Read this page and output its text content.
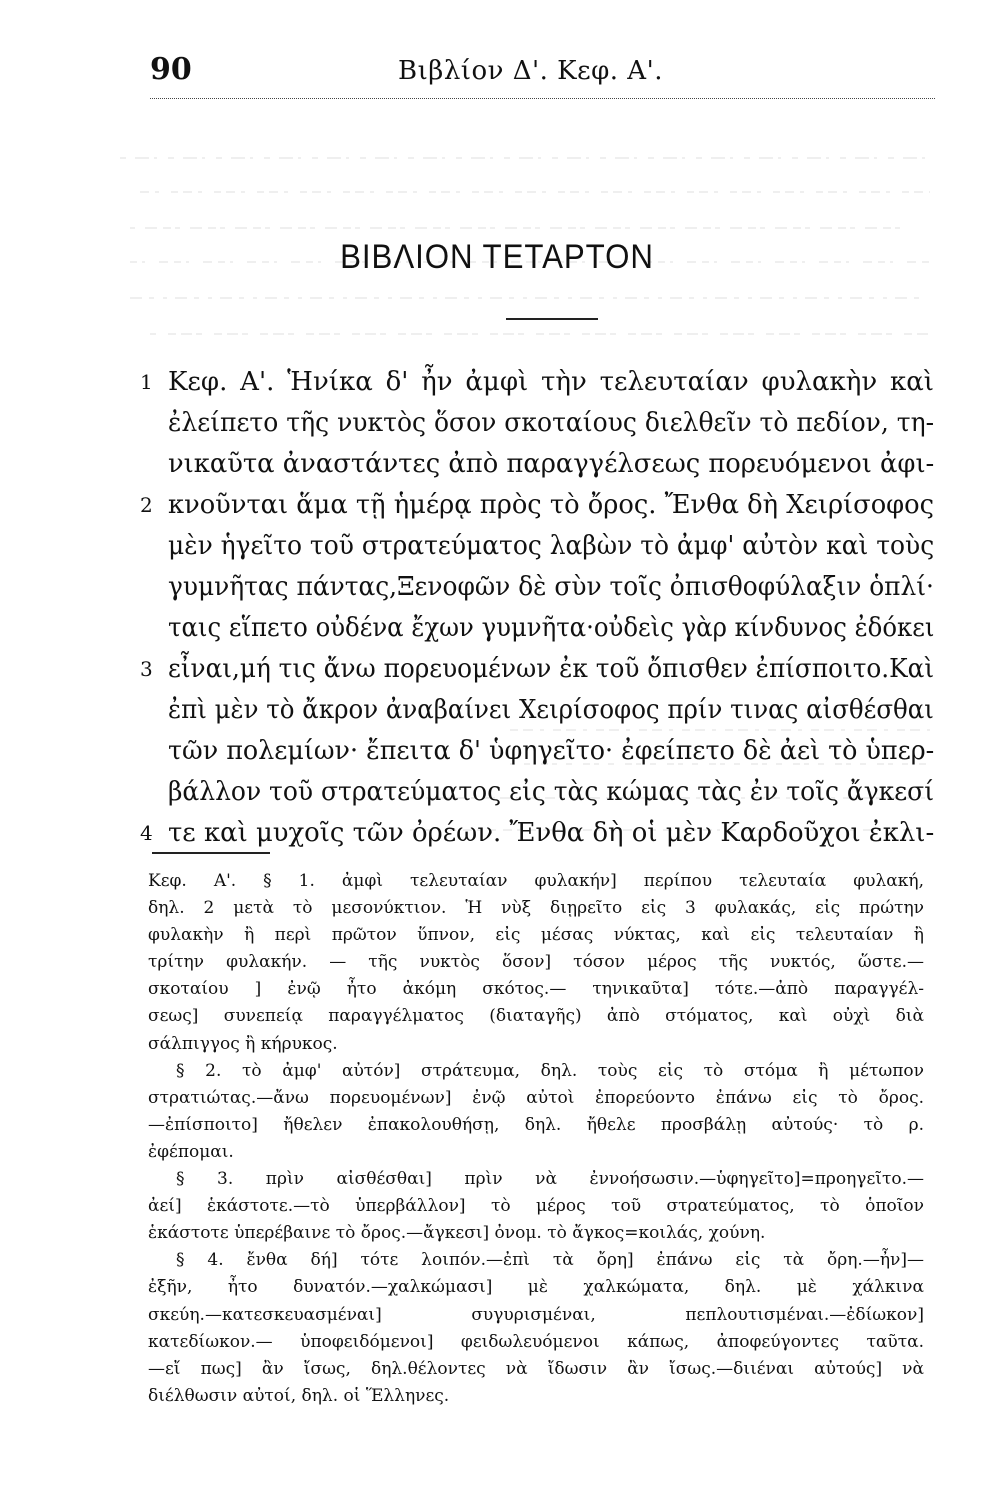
90	Βιβλίον Δ'. Κεφ. Α'.
ΒΙΒΛΙΟΝ ΤΕΤΑΡΤΟΝ
1 Κεφ. Α'. Ἡνίκα δ' ἦν ἀμφὶ τὴν τελευταίαν φυλακὴν καὶ
ἐλείπετο τῆς νυκτὸς ὅσον σκοταίους διελθεῖν τὸ πεδίον, τη-
νικαῦτα ἀναστάντες ἀπὸ παραγγέλσεως πορευόμενοι ἀφι-
2 κνοῦνται ἅμα τῇ ἡμέρᾳ πρὸς τὸ ὄρος. Ἔνθα δὴ Χειρίσοφος
μὲν ἡγεῖτο τοῦ στρατεύματος λαβὼν τὸ ἀμφ' αὐτὸν καὶ τοὺς
γυμνῆτας πάντας,Ξενοφῶν δὲ σὺν τοῖς ὀπισθοφύλαξιν ὁπλί·
ταις εἵπετο οὐδένα ἔχων γυμνῆτα·οὐδεὶς γὰρ κίνδυνος ἐδόκει
3 εἶναι,μή τις ἄνω πορευομένων ἐκ τοῦ ὄπισθεν ἐπίσποιτο.Καὶ
ἐπὶ μὲν τὸ ἄκρον ἀναβαίνει Χειρίσοφος πρίν τινας αἰσθέσθαι
τῶν πολεμίων· ἔπειτα δ' ὑφηγεῖτο· ἐφείπετο δὲ ἀεὶ τὸ ὑπερ-
βάλλον τοῦ στρατεύματος εἰς τὰς κώμας τὰς ἐν τοῖς ἄγκεσί
4 τε καὶ μυχοῖς τῶν ὀρέων. Ἔνθα δὴ οἱ μὲν Καρδοῦχοι ἐκλι-
Κεφ. Α'. § 1. ἀμφὶ τελευταίαν φυλακήν] περίπου τελευταία φυλακή,
δηλ. 2 μετὰ τὸ μεσονύκτιον. Ἡ νὺξ διῃρεῖτο εἰς 3 φυλακάς, εἰς πρώτην
φυλακὴν ἢ περὶ πρῶτον ὕπνον, εἰς μέσας νύκτας, καὶ εἰς τελευταίαν ἢ
τρίτην φυλακήν. — τῆς νυκτὸς ὅσον] τόσον μέρος τῆς νυκτός, ὥστε.—
σκοταίου ] ἐνῷ ἦτο ἀκόμη σκότος.— τηνικαῦτα] τότε.—ἀπὸ παραγγέλ-
σεως] συνεπείᾳ παραγγέλματος (διαταγῆς) ἀπὸ στόματος, καὶ οὐχὶ διὰ
σάλπιγγος ἢ κήρυκος.
§ 2. τὸ ἀμφ' αὐτόν] στράτευμα, δηλ. τοὺς εἰς τὸ στόμα ἢ μέτωπον
στρατιώτας.—ἄνω πορευομένων] ἐνῷ αὐτοὶ ἐπορεύοντο ἐπάνω εἰς τὸ ὄρος.
—ἐπίσποιτο] ἤθελεν ἐπακολουθήσῃ, δηλ. ἤθελε προσβάλῃ αὐτούς· τὸ ρ.
ἐφέπομαι.
§ 3. πρὶν αἰσθέσθαι] πρὶν νὰ ἐννοήσωσιν.—ὑφηγεῖτο]=προηγεῖτο.—
ἀεί] ἑκάστοτε.—τὸ ὑπερβάλλον] τὸ μέρος τοῦ στρατεύματος, τὸ ὁποῖον
ἑκάστοτε ὑπερέβαινε τὸ ὄρος.—ἄγκεσι] ὀνομ. τὸ ἄγκος=κοιλάς, χούνη.
§ 4. ἔνθα δή] τότε λοιπόν.—ἐπὶ τὰ ὄρη] ἐπάνω εἰς τὰ ὄρη.—ἦν]—
ἐξῆν, ἦτο δυνατόν.—χαλκώμασι] μὲ χαλκώματα, δηλ. μὲ χάλκινα
σκεύη.—κατεσκευασμέναι] συγυρισμέναι, πεπλουτισμέναι.—ἐδίωκον]
κατεδίωκον.— ὑποφειδόμενοι] φειδωλευόμενοι κάπως, ἀποφεύγοντες ταῦτα.
—εἴ πως] ἂν ἴσως, δηλ.θέλοντες νὰ ἴδωσιν ἂν ἴσως.—διιέναι αὐτούς] νὰ
διέλθωσιν αὐτοί, δηλ. οἱ Ἕλληνες.
